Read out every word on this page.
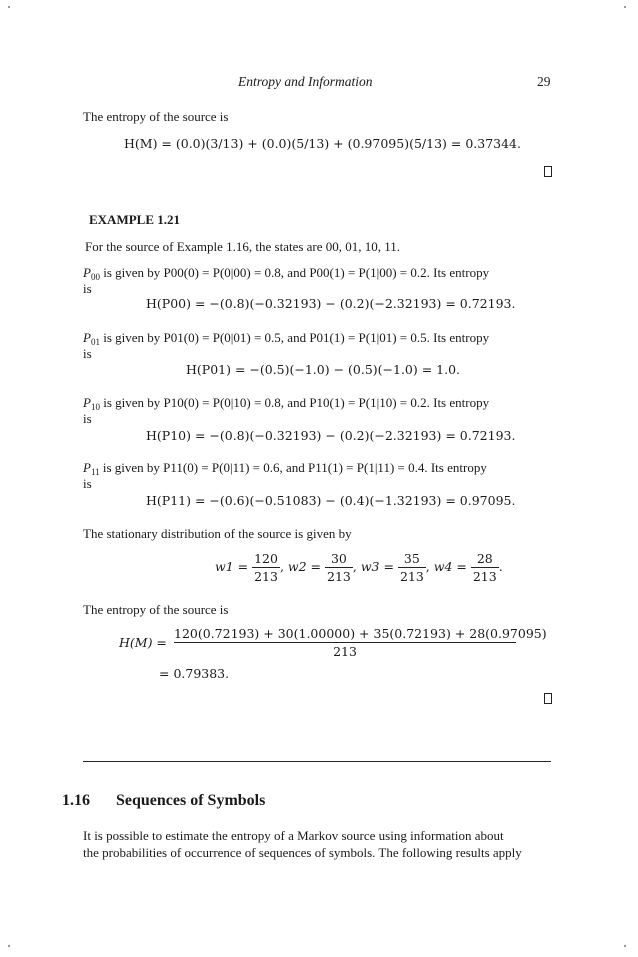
Entropy and Information	29
The entropy of the source is
H(M) = (0.0)(3/13) + (0.0)(5/13) + (0.97095)(5/13) = 0.37344.
EXAMPLE 1.21
For the source of Example 1.16, the states are 00, 01, 10, 11.
$P_{00}$ is given by P00(0) = P(0|00) = 0.8, and P00(1) = P(1|00) = 0.2. Its entropy
is
H(P00) = −(0.8)(−0.32193) − (0.2)(−2.32193) = 0.72193.
$P_{01}$ is given by P01(0) = P(0|01) = 0.5, and P01(1) = P(1|01) = 0.5. Its entropy
is
H(P01) = −(0.5)(−1.0) − (0.5)(−1.0) = 1.0.
$P_{10}$ is given by P10(0) = P(0|10) = 0.8, and P10(1) = P(1|10) = 0.2. Its entropy
is
H(P10) = −(0.8)(−0.32193) − (0.2)(−2.32193) = 0.72193.
$P_{11}$ is given by P11(0) = P(0|11) = 0.6, and P11(1) = P(1|11) = 0.4. Its entropy
is
H(P11) = −(0.6)(−0.51083) − (0.4)(−1.32193) = 0.97095.
The stationary distribution of the source is given by
$w1 = \frac{120}{213}$ , $w2 = \frac{30}{213}$ , $w3 = \frac{35}{213}$ , $w4 = \frac{28}{213}$ .
The entropy of the source is
$H(M) = \frac{120(0.72193) + 30(1.00000) + 35(0.72193) + 28(0.97095)}{213}$
= 0.79383.
1.16 Sequences of Symbols
It is possible to estimate the entropy of a Markov source using information about
the probabilities of occurrence of sequences of symbols. The following results apply
